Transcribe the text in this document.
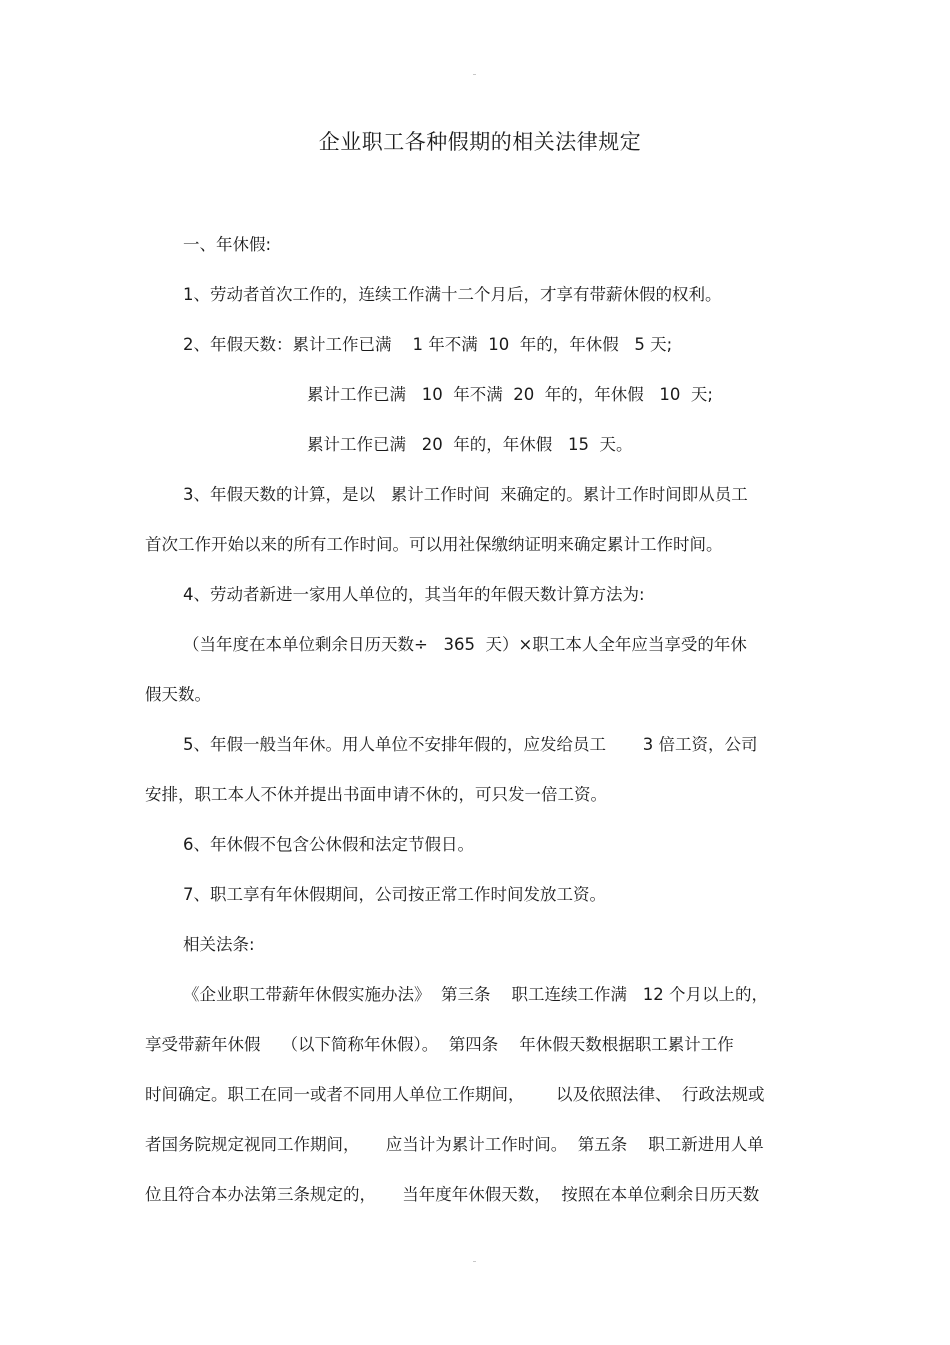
企业职工各种假期的相关法律规定
一、年休假:
1、劳动者首次工作的，连续工作满十二个月后，才享有带薪休假的权利。
2、年假天数：累计工作已满    1 年不满  10  年的，年休假   5 天;
累计工作已满   10  年不满  20  年的，年休假   10  天;
累计工作已满   20  年的，年休假   15  天。
3、年假天数的计算，是以   累计工作时间  来确定的。累计工作时间即从员工
首次工作开始以来的所有工作时间。可以用社保缴纳证明来确定累计工作时间。
4、劳动者新进一家用人单位的，其当年的年假天数计算方法为:
（当年度在本单位剩余日历天数÷   365  天）×职工本人全年应当享受的年休
假天数。
5、年假一般当年休。用人单位不安排年假的，应发给员工       3 倍工资，公司
安排，职工本人不休并提出书面申请不休的，可只发一倍工资。
6、年休假不包含公休假和法定节假日。
7、职工享有年休假期间，公司按正常工作时间发放工资。
相关法条:
《企业职工带薪年休假实施办法》  第三条    职工连续工作满   12 个月以上的，
享受带薪年休假    （以下简称年休假）。  第四条    年休假天数根据职工累计工作
时间确定。职工在同一或者不同用人单位工作期间，      以及依照法律、  行政法规或
者国务院规定视同工作期间，     应当计为累计工作时间。  第五条    职工新进用人单
位且符合本办法第三条规定的，     当年度年休假天数，  按照在本单位剩余日历天数
